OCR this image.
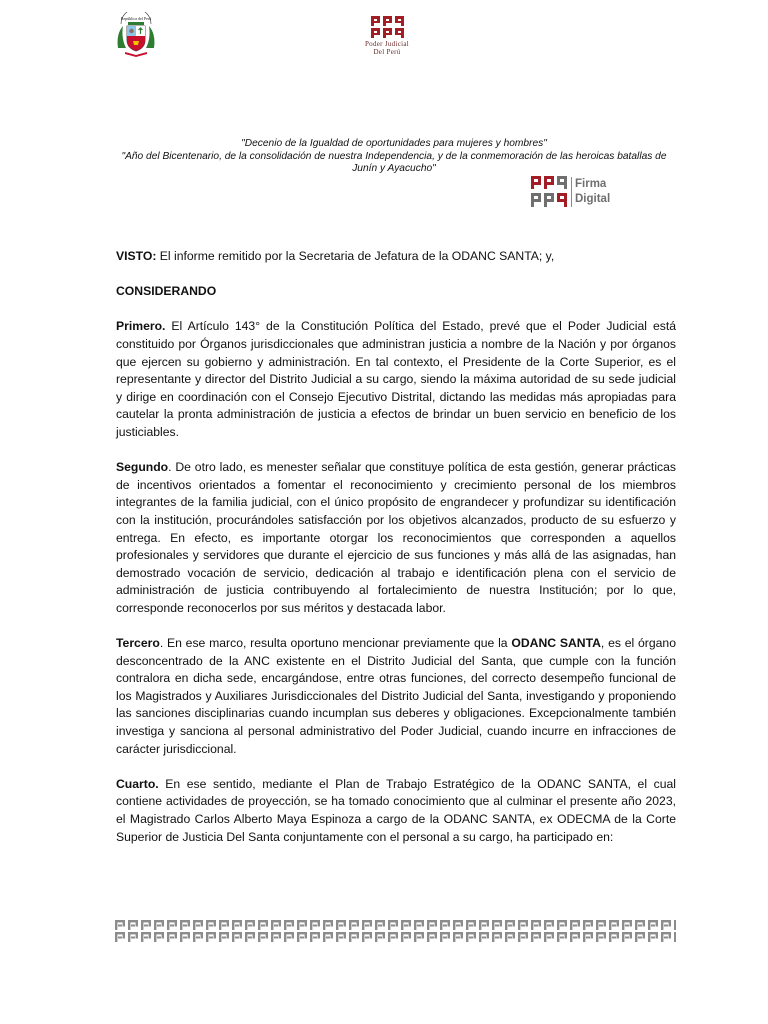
República del Perú
Poder Judicial
Del Perú
"Decenio de la Igualdad de oportunidades para mujeres y hombres"
"Año del Bicentenario, de la consolidación de nuestra Independencia, y de la conmemoración de las heroicas batallas de Junín y Ayacucho"
Firma
Digital

VISTO: El informe remitido por la Secretaria de Jefatura de la ODANC SANTA; y,

CONSIDERANDO

Primero. El Artículo 143° de la Constitución Política del Estado, prevé que el Poder Judicial está constituido por Órganos jurisdiccionales que administran justicia a nombre de la Nación y por órganos que ejercen su gobierno y administración. En tal contexto, el Presidente de la Corte Superior, es el representante y director del Distrito Judicial a su cargo, siendo la máxima autoridad de su sede judicial y dirige en coordinación con el Consejo Ejecutivo Distrital, dictando las medidas más apropiadas para cautelar la pronta administración de justicia a efectos de brindar un buen servicio en beneficio de los justiciables.

Segundo. De otro lado, es menester señalar que constituye política de esta gestión, generar prácticas de incentivos orientados a fomentar el reconocimiento y crecimiento personal de los miembros integrantes de la familia judicial, con el único propósito de engrandecer y profundizar su identificación con la institución, procurándoles satisfacción por los objetivos alcanzados, producto de su esfuerzo y entrega. En efecto, es importante otorgar los reconocimientos que corresponden a aquellos profesionales y servidores que durante el ejercicio de sus funciones y más allá de las asignadas, han demostrado vocación de servicio, dedicación al trabajo e identificación plena con el servicio de administración de justicia contribuyendo al fortalecimiento de nuestra Institución; por lo que, corresponde reconocerlos por sus méritos y destacada labor.

Tercero. En ese marco, resulta oportuno mencionar previamente que la ODANC SANTA, es el órgano desconcentrado de la ANC existente en el Distrito Judicial del Santa, que cumple con la función contralora en dicha sede, encargándose, entre otras funciones, del correcto desempeño funcional de los Magistrados y Auxiliares Jurisdiccionales del Distrito Judicial del Santa, investigando y proponiendo las sanciones disciplinarias cuando incumplan sus deberes y obligaciones. Excepcionalmente también investiga y sanciona al personal administrativo del Poder Judicial, cuando incurre en infracciones de carácter jurisdiccional.

Cuarto. En ese sentido, mediante el Plan de Trabajo Estratégico de la ODANC SANTA, el cual contiene actividades de proyección, se ha tomado conocimiento que al culminar el presente año 2023, el Magistrado Carlos Alberto Maya Espinoza a cargo de la ODANC SANTA, ex ODECMA de la Corte Superior de Justicia Del Santa conjuntamente con el personal a su cargo, ha participado en:
